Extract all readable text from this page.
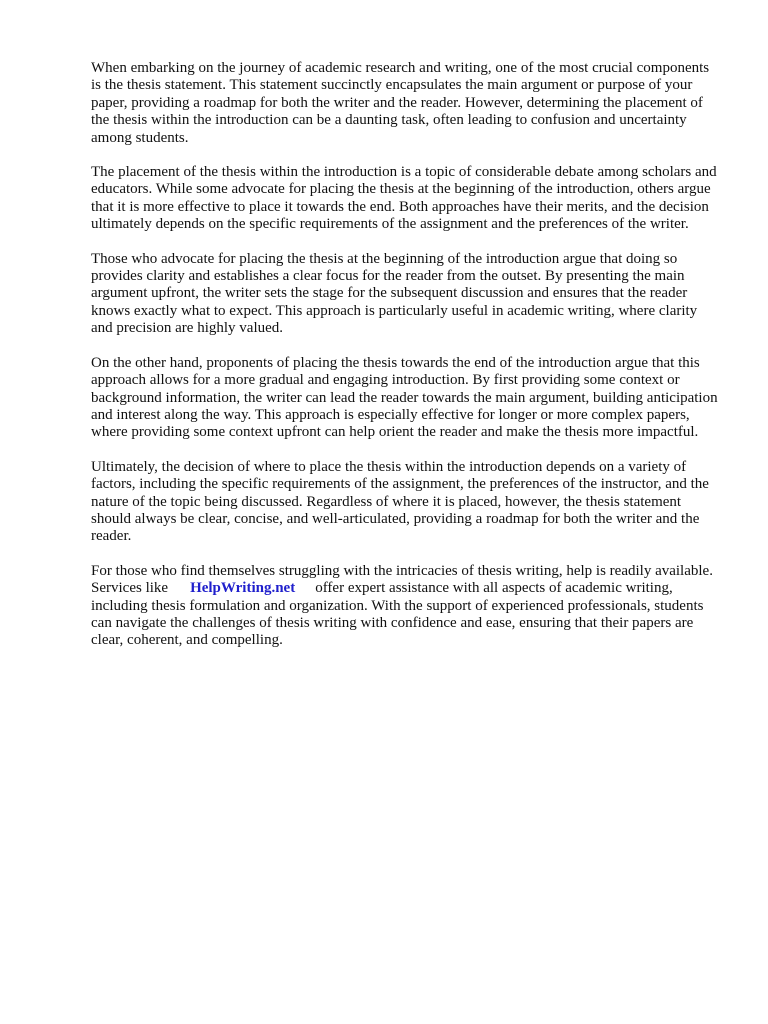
When embarking on the journey of academic research and writing, one of the most crucial components is the thesis statement. This statement succinctly encapsulates the main argument or purpose of your paper, providing a roadmap for both the writer and the reader. However, determining the placement of the thesis within the introduction can be a daunting task, often leading to confusion and uncertainty among students.

The placement of the thesis within the introduction is a topic of considerable debate among scholars and educators. While some advocate for placing the thesis at the beginning of the introduction, others argue that it is more effective to place it towards the end. Both approaches have their merits, and the decision ultimately depends on the specific requirements of the assignment and the preferences of the writer.

Those who advocate for placing the thesis at the beginning of the introduction argue that doing so provides clarity and establishes a clear focus for the reader from the outset. By presenting the main argument upfront, the writer sets the stage for the subsequent discussion and ensures that the reader knows exactly what to expect. This approach is particularly useful in academic writing, where clarity and precision are highly valued.

On the other hand, proponents of placing the thesis towards the end of the introduction argue that this approach allows for a more gradual and engaging introduction. By first providing some context or background information, the writer can lead the reader towards the main argument, building anticipation and interest along the way. This approach is especially effective for longer or more complex papers, where providing some context upfront can help orient the reader and make the thesis more impactful.

Ultimately, the decision of where to place the thesis within the introduction depends on a variety of factors, including the specific requirements of the assignment, the preferences of the instructor, and the nature of the topic being discussed. Regardless of where it is placed, however, the thesis statement should always be clear, concise, and well-articulated, providing a roadmap for both the writer and the reader.

For those who find themselves struggling with the intricacies of thesis writing, help is readily available. Services like HelpWriting.net offer expert assistance with all aspects of academic writing, including thesis formulation and organization. With the support of experienced professionals, students can navigate the challenges of thesis writing with confidence and ease, ensuring that their papers are clear, coherent, and compelling.
